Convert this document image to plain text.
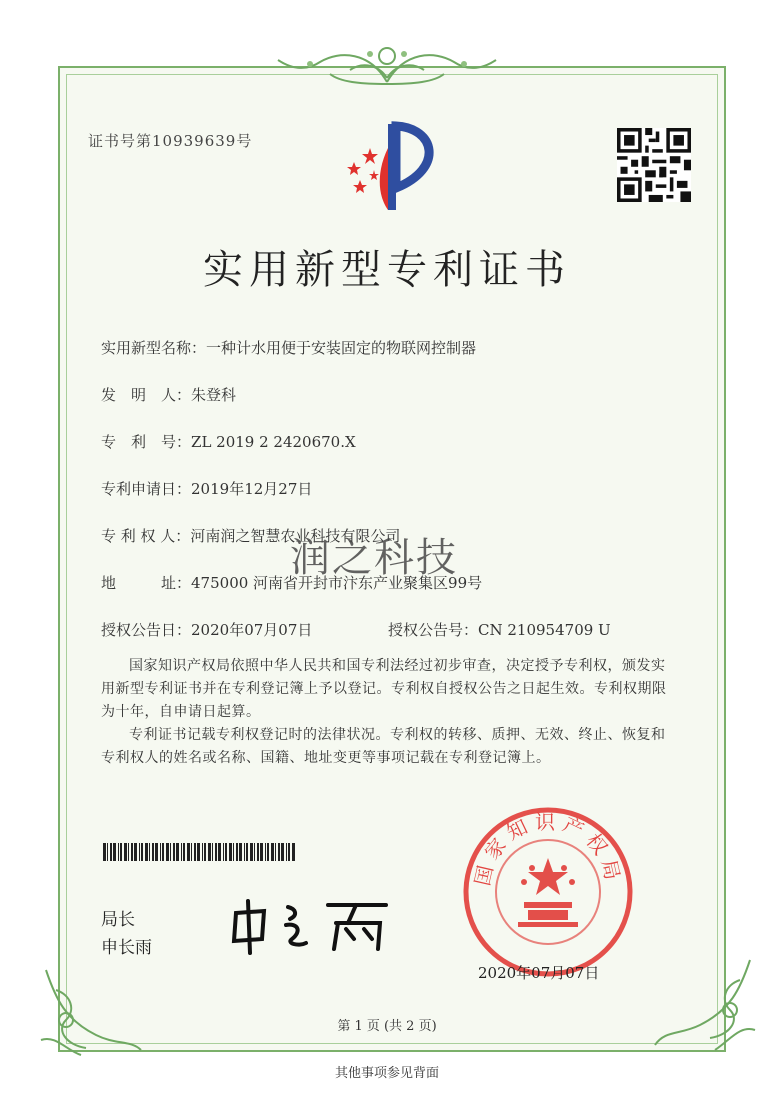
证书号第10939639号
实用新型专利证书
实用新型名称：一种计水用便于安装固定的物联网控制器
发　明　人：朱登科
专　利　号：ZL 2019 2 2420670.X
专利申请日：2019年12月27日
专 利 权 人：河南润之智慧农业科技有限公司
地　　　址：475000 河南省开封市汴东产业聚集区99号
授权公告日：2020年07月07日	授权公告号：CN 210954709 U
润之科技

国家知识产权局依照中华人民共和国专利法经过初步审查，决定授予专利权，颁发实用新型专利证书并在专利登记簿上予以登记。专利权自授权公告之日起生效。专利权期限为十年，自申请日起算。

专利证书记载专利权登记时的法律状况。专利权的转移、质押、无效、终止、恢复和专利权人的姓名或名称、国籍、地址变更等事项记载在专利登记簿上。

局长
申长雨
国家知识产权局
2020年07月07日
第 1 页 (共 2 页)
其他事项参见背面
